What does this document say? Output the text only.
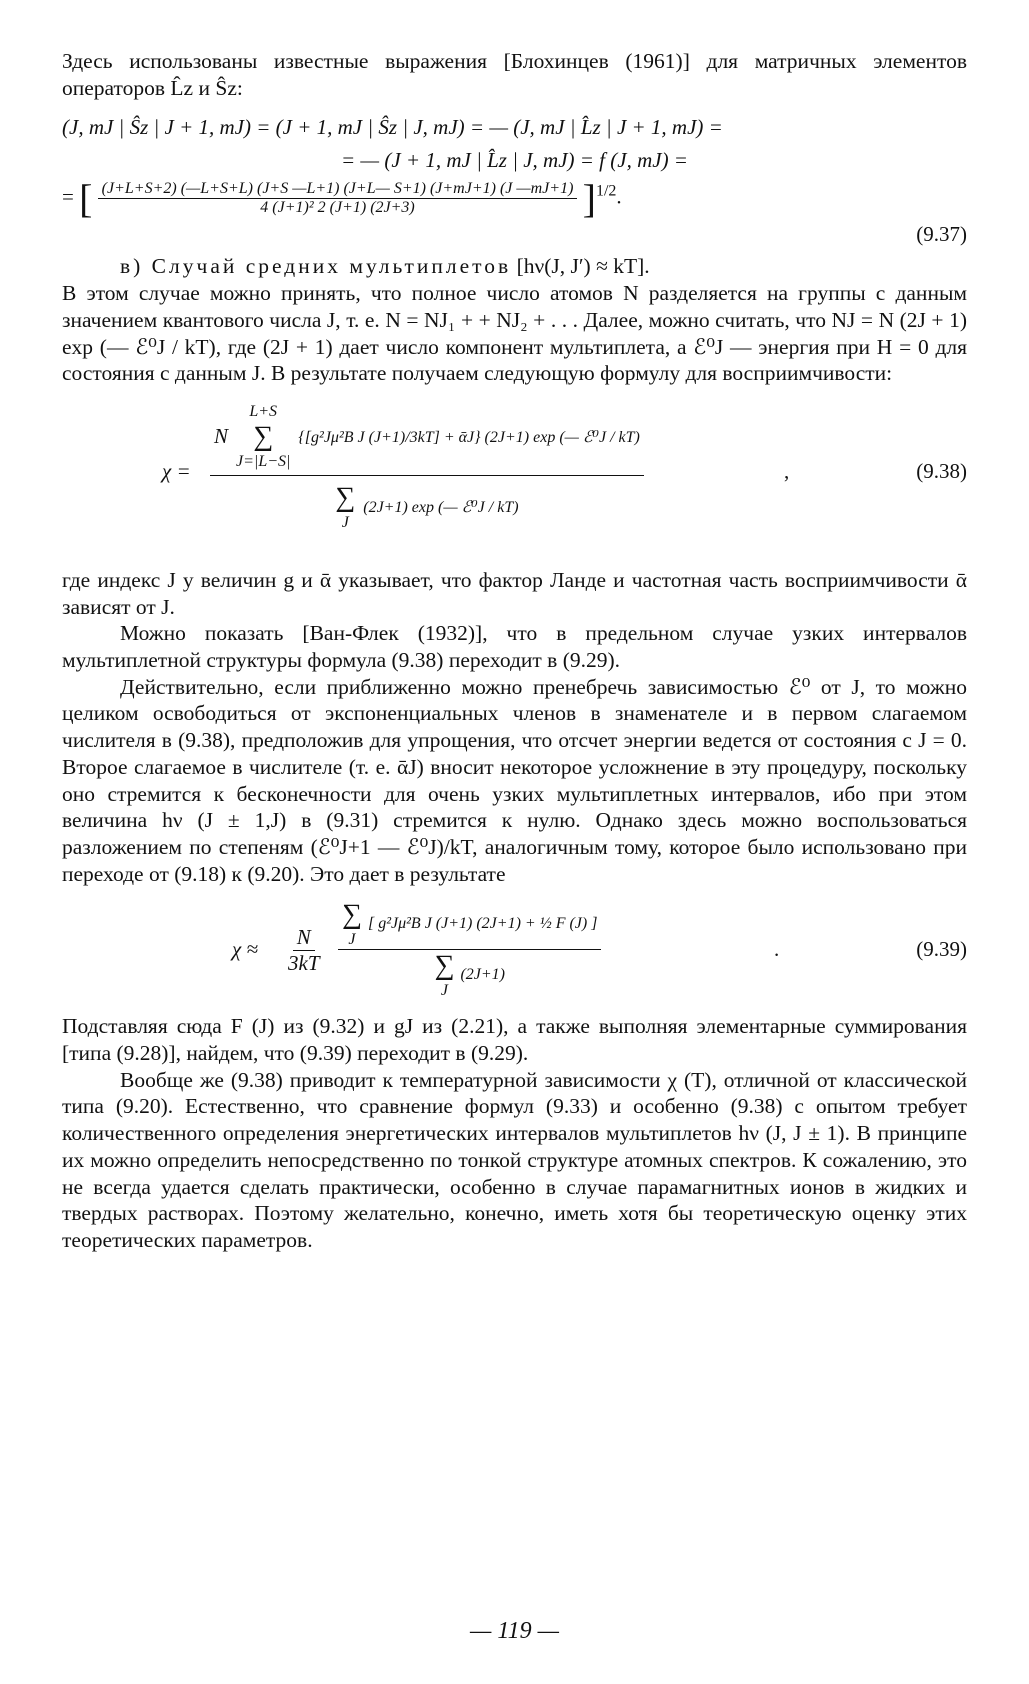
Здесь использованы известные выражения [Блохинцев (1961)] для матричных элементов операторов L̂z и Ŝz:

(J, mJ | Ŝz | J + 1, mJ) = (J + 1, mJ | Ŝz | J, mJ) = — (J, mJ | L̂z | J + 1, mJ) =
= — (J + 1, mJ | L̂z | J, mJ) = f (J, mJ) =
= [ $\frac{(J+L+S+2) (—L+S+L) (J+S —L+1) (J+L— S+1) (J+mJ+1) (J —mJ+1)}{\text{4 (J+1)² 2 (J+1) (2J+3)}} ]^{1/2}$.
(9.37)

в) Случай средних мультиплетов [hν(J, J′) ≈ kT].

В этом случае можно принять, что полное число атомов N разделяется на группы с данным значением квантового числа J, т. е. N = NJ₁ + + NJ₂ + . . . Далее, можно считать, что NJ = N (2J + 1) exp (— ℰ⁰J / kT), где (2J + 1) дает число компонент мультиплета, а ℰ⁰J — энергия при H = 0 для состояния с данным J. В результате получаем следующую формулу для восприимчивости:

χ =
N
L+S
∑
J=|L−S|
{[g²Jμ²B J (J+1)/3kT] + ᾱJ} (2J+1) exp (— ℰ⁰J / kT)
∑
J
(2J+1) exp (— ℰ⁰J / kT)
,	(9.38)

где индекс J у величин g и ᾱ указывает, что фактор Ланде и частотная часть восприимчивости ᾱ зависят от J.

Можно показать [Ван-Флек (1932)], что в предельном случае узких интервалов мультиплетной структуры формула (9.38) переходит в (9.29).

Действительно, если приближенно можно пренебречь зависимостью ℰ⁰ от J, то можно целиком освободиться от экспоненциальных членов в знаменателе и в первом слагаемом числителя в (9.38), предположив для упрощения, что отсчет энергии ведется от состояния с J = 0. Второе слагаемое в числителе (т. е. ᾱJ) вносит некоторое усложнение в эту процедуру, поскольку оно стремится к бесконечности для очень узких мультиплетных интервалов, ибо при этом величина hν (J ± 1,J) в (9.31) стремится к нулю. Однако здесь можно воспользоваться разложением по степеням (ℰ⁰J+1 — ℰ⁰J)/kT, аналогичным тому, которое было использовано при переходе от (9.18) к (9.20). Это дает в результате

$\chi \approx \frac{N}{3kT}$
∑
J
[ g²Jμ²B J (J+1) (2J+1) + ½ F (J) ]
∑
J
(2J+1)
.	(9.39)

Подставляя сюда F (J) из (9.32) и gJ из (2.21), а также выполняя элементарные суммирования [типа (9.28)], найдем, что (9.39) переходит в (9.29).

Вообще же (9.38) приводит к температурной зависимости χ (T), отличной от классической типа (9.20). Естественно, что сравнение формул (9.33) и особенно (9.38) с опытом требует количественного определения энергетических интервалов мультиплетов hν (J, J ± 1). В принципе их можно определить непосредственно по тонкой структуре атомных спектров. К сожалению, это не всегда удается сделать практически, особенно в случае парамагнитных ионов в жидких и твердых растворах. Поэтому желательно, конечно, иметь хотя бы теоретическую оценку этих теоретических параметров.

— 119 —
